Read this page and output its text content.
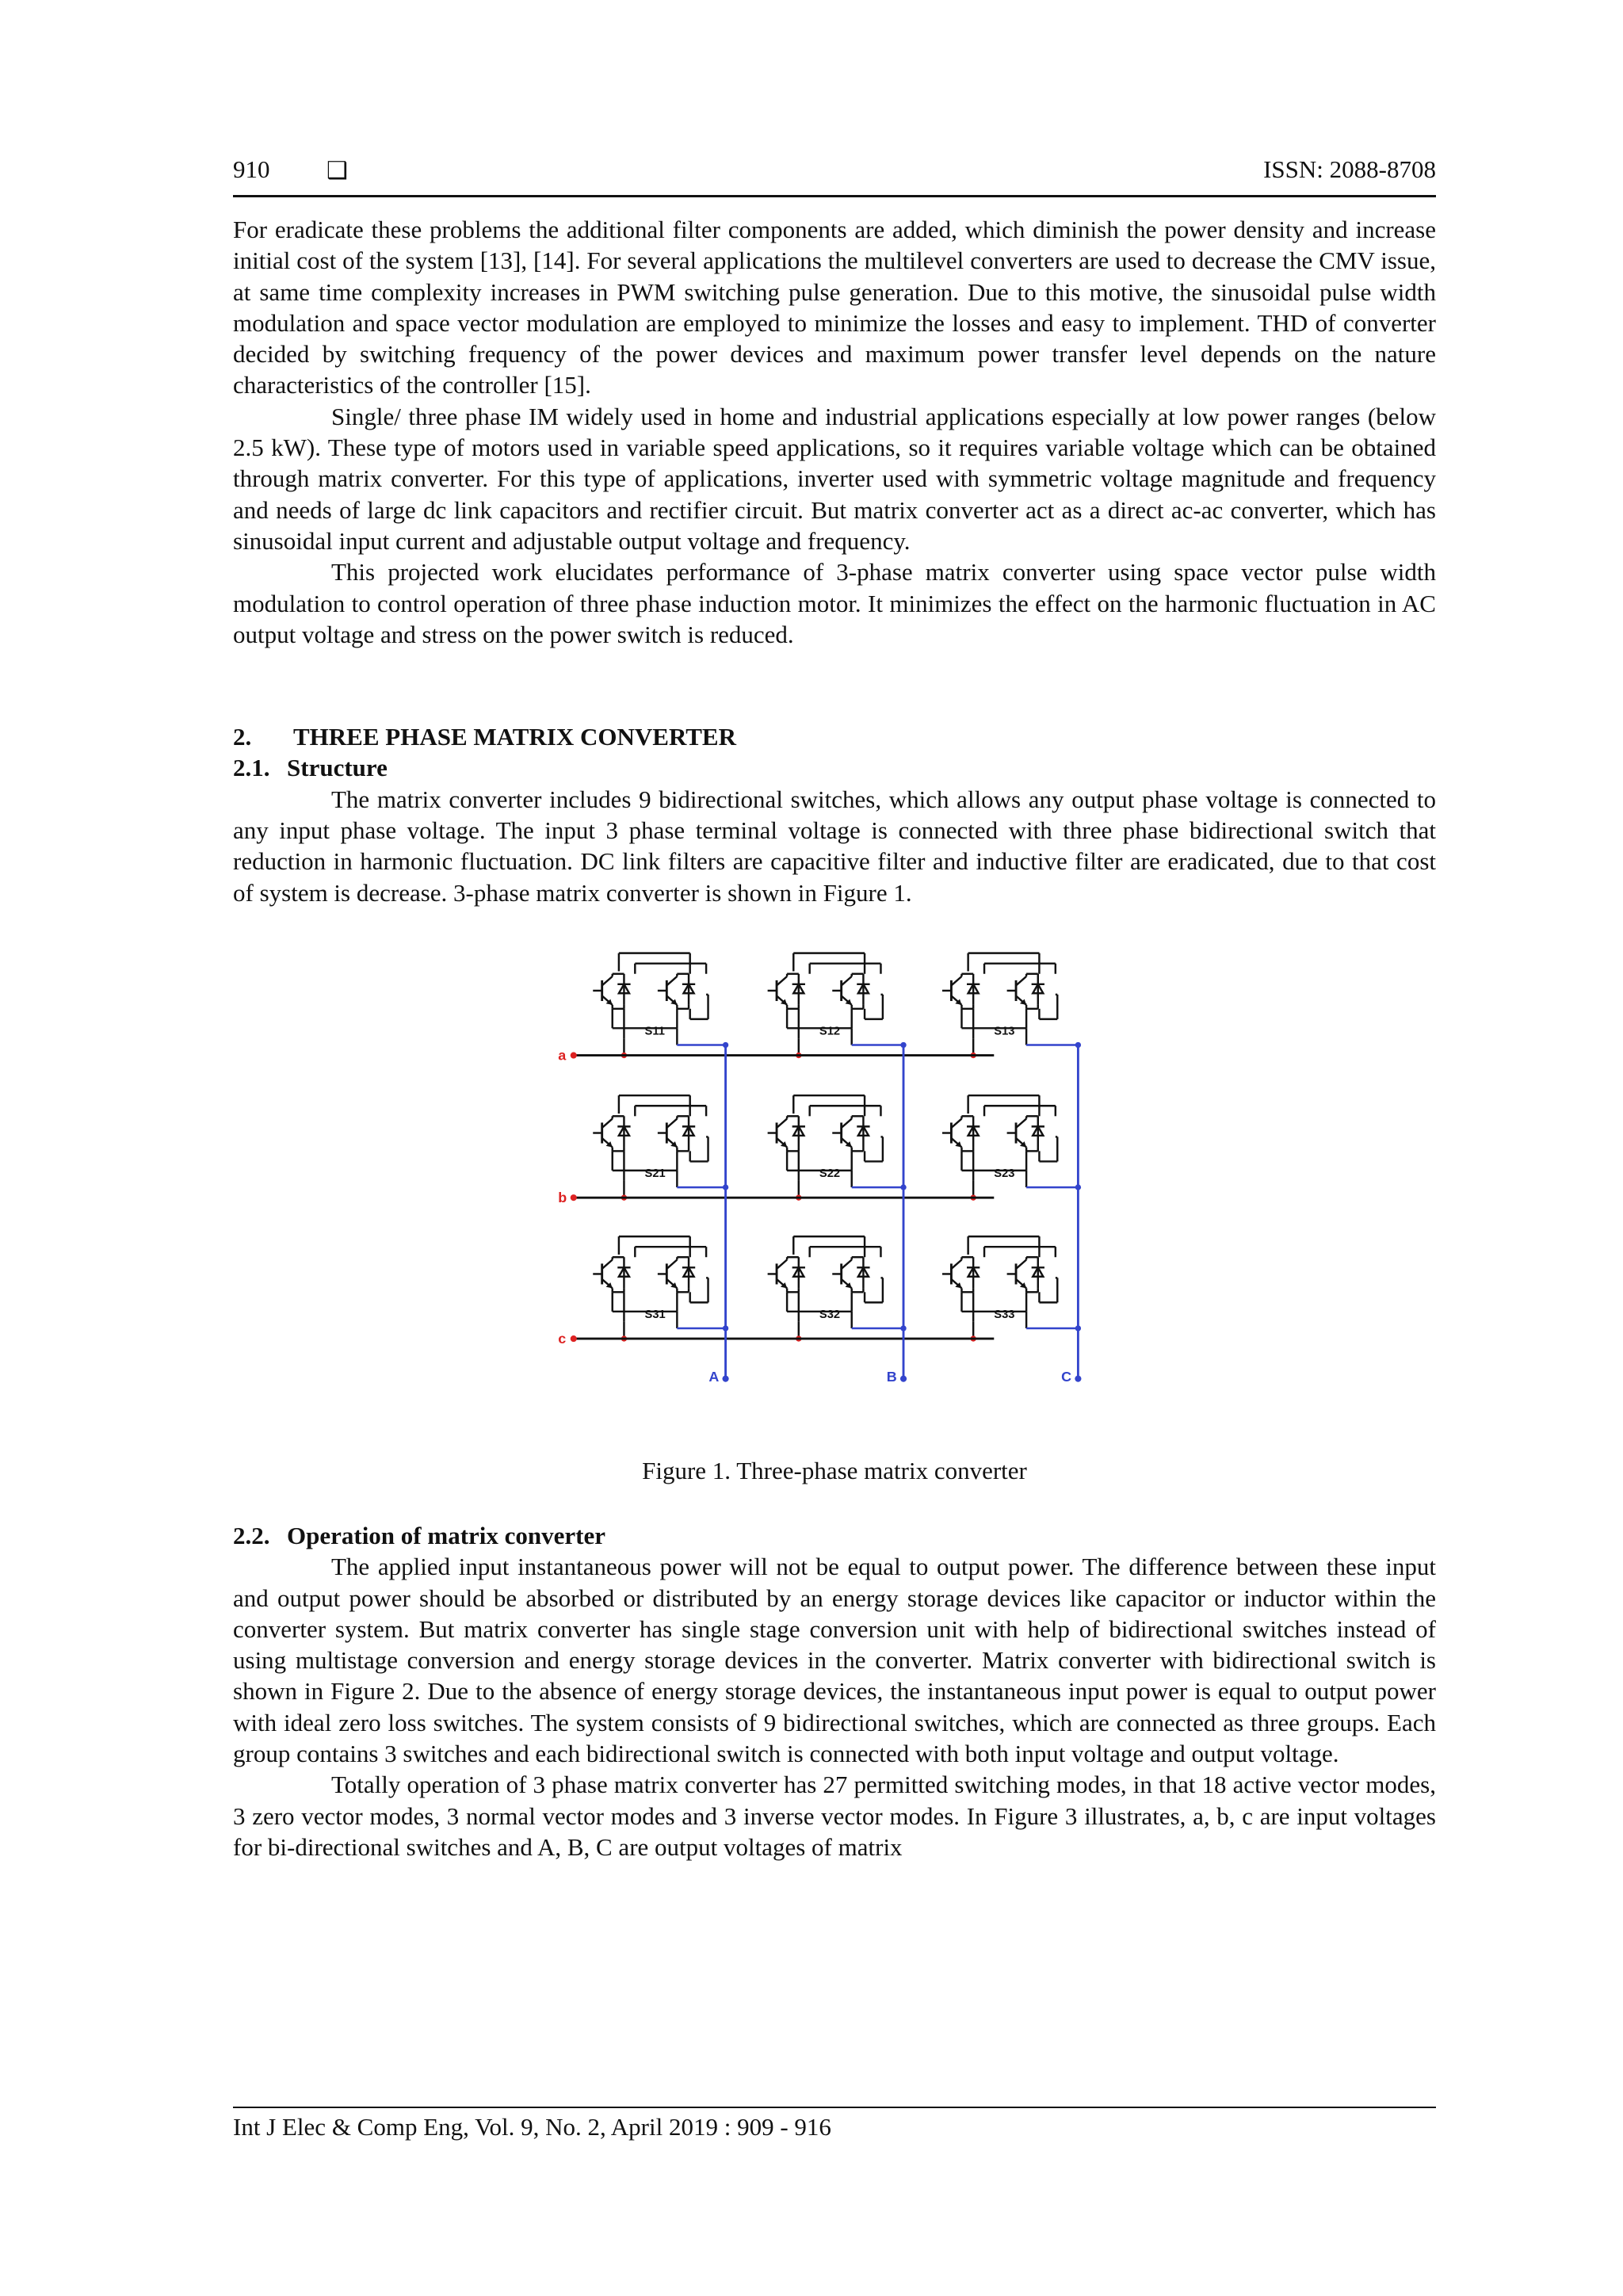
910 ❑	ISSN: 2088-8708

For eradicate these problems the additional filter components are added, which diminish the power density and increase initial cost of the system [13], [14]. For several applications the multilevel converters are used to decrease the CMV issue, at same time complexity increases in PWM switching pulse generation. Due to this motive, the sinusoidal pulse width modulation and space vector modulation are employed to minimize the losses and easy to implement. THD of converter decided by switching frequency of the power devices and maximum power transfer level depends on the nature characteristics of the controller [15].

Single/ three phase IM widely used in home and industrial applications especially at low power ranges (below 2.5 kW). These type of motors used in variable speed applications, so it requires variable voltage which can be obtained through matrix converter. For this type of applications, inverter used with symmetric voltage magnitude and frequency and needs of large dc link capacitors and rectifier circuit. But matrix converter act as a direct ac-ac converter, which has sinusoidal input current and adjustable output voltage and frequency.

This projected work elucidates performance of 3-phase matrix converter using space vector pulse width modulation to control operation of three phase induction motor. It minimizes the effect on the harmonic fluctuation in AC output voltage and stress on the power switch is reduced.

2. THREE PHASE MATRIX CONVERTER

2.1. Structure

The matrix converter includes 9 bidirectional switches, which allows any output phase voltage is connected to any input phase voltage. The input 3 phase terminal voltage is connected with three phase bidirectional switch that reduction in harmonic fluctuation. DC link filters are capacitive filter and inductive filter are eradicated, due to that cost of system is decrease. 3-phase matrix converter is shown in Figure 1.

S11	S12	S13
a
S21	S22	S23
b
S31	S32	S33
c
A	B	C

Figure 1. Three-phase matrix converter

2.2. Operation of matrix converter

The applied input instantaneous power will not be equal to output power. The difference between these input and output power should be absorbed or distributed by an energy storage devices like capacitor or inductor within the converter system. But matrix converter has single stage conversion unit with help of bidirectional switches instead of using multistage conversion and energy storage devices in the converter. Matrix converter with bidirectional switch is shown in Figure 2. Due to the absence of energy storage devices, the instantaneous input power is equal to output power with ideal zero loss switches. The system consists of 9 bidirectional switches, which are connected as three groups. Each group contains 3 switches and each bidirectional switch is connected with both input voltage and output voltage.

Totally operation of 3 phase matrix converter has 27 permitted switching modes, in that 18 active vector modes, 3 zero vector modes, 3 normal vector modes and 3 inverse vector modes. In Figure 3 illustrates, a, b, c are input voltages for bi-directional switches and A, B, C are output voltages of matrix

Int J Elec & Comp Eng, Vol. 9, No. 2, April 2019 : 909 - 916
